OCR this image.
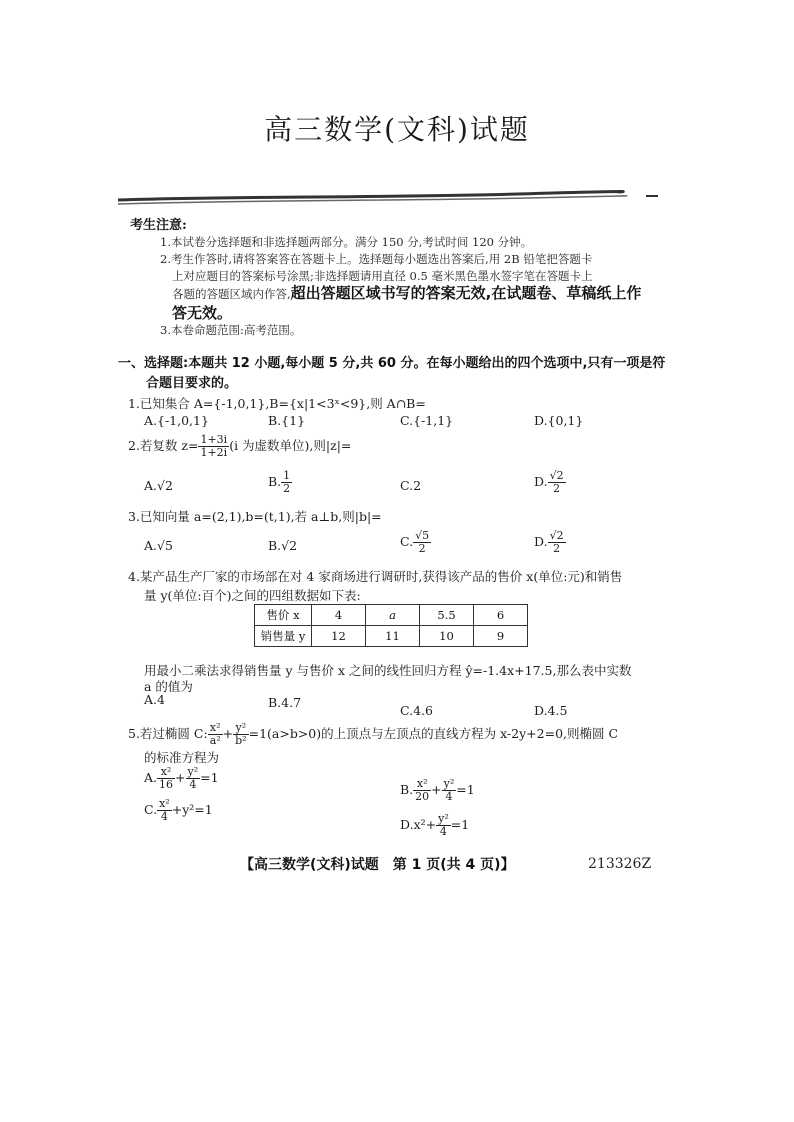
高三数学(文科)试题
考生注意:
1.本试卷分选择题和非选择题两部分。满分 150 分,考试时间 120 分钟。
2.考生作答时,请将答案答在答题卡上。选择题每小题选出答案后,用 2B 铅笔把答题卡
上对应题目的答案标号涂黑;非选择题请用直径 0.5 毫米黑色墨水签字笔在答题卡上
各题的答题区域内作答,超出答题区域书写的答案无效,在试题卷、草稿纸上作
答无效。
3.本卷命题范围:高考范围。
一、选择题:本题共 12 小题,每小题 5 分,共 60 分。在每小题给出的四个选项中,只有一项是符
合题目要求的。
1.已知集合 A={-1,0,1},B={x|1<3ˣ<9},则 A∩B=
A.{-1,0,1}	B.{1}	C.{-1,1}	D.{0,1}
2.若复数 $z= \frac{1+3i}{1+2i} (i$ 为虚数单位),则|z|=
A.√2	B. $\frac{1}{2}$	C.2	D. $\frac{√2}{2}$
3.已知向量 a=(2,1),b=(t,1),若 a⊥b,则|b|=
A.√5	B.√2	C. $\frac{√5}{2}$	D. $\frac{√2}{2}$
4.某产品生产厂家的市场部在对 4 家商场进行调研时,获得该产品的售价 x(单位:元)和销售
量 y(单位:百个)之间的四组数据如下表:
售价 x	4	a	5.5	6
销售量 y	12	11	10	9
用最小二乘法求得销售量 y 与售价 x 之间的线性回归方程 ŷ=-1.4x+17.5,那么表中实数
a 的值为
A.4	B.4.7
C.4.6	D.4.5
5.若过椭圆 C: $\frac{\text{x²}}{\text{a²}} + \frac{\text{y²}}{\text{b²}} =1(a>b>0)$的上顶点与左顶点的直线方程为 x-2y+2=0,则椭圆 C
的标准方程为
A. $\frac{\text{x²}}{16} + \frac{\text{y²}}{4} =1$
B. $\frac{\text{x²}}{20} + \frac{\text{y²}}{4} =1$
C. $\frac{\text{x²}}{4} +y^2=1$
$D.x^2+ \frac{\text{y²}}{4} =1$
【高三数学(文科)试题　第 1 页(共 4 页)】	213326Z
